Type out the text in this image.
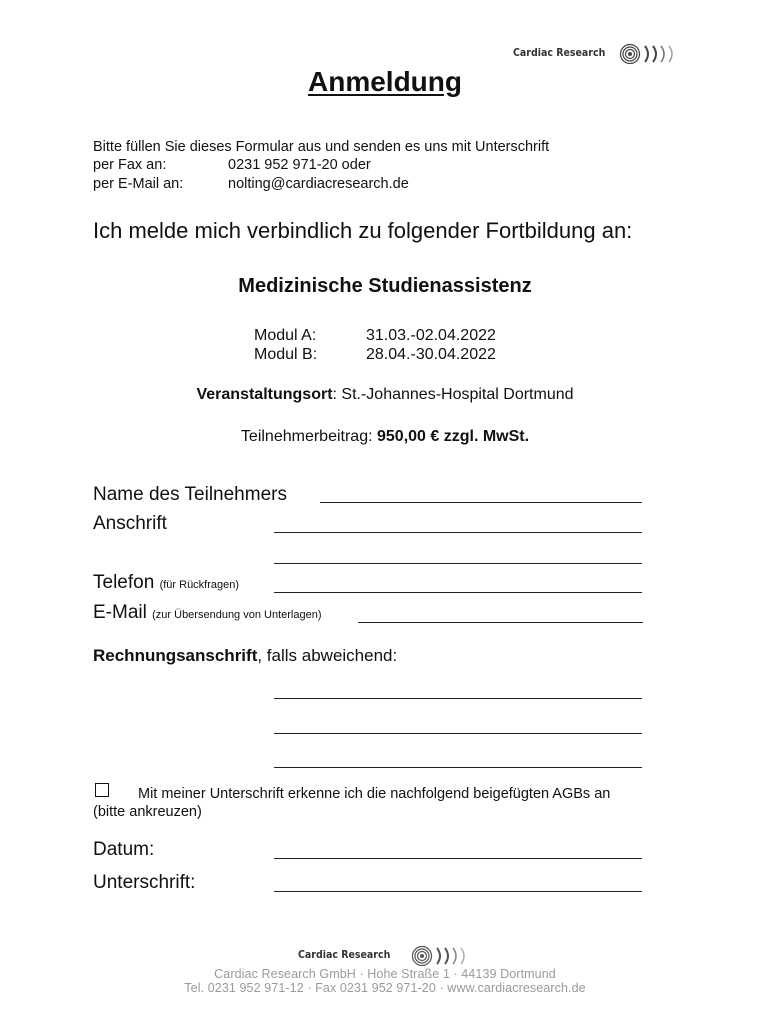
Cardiac Research
Anmeldung
Bitte füllen Sie dieses Formular aus und senden es uns mit Unterschrift
per Fax an:	0231 952 971-20 oder
per E-Mail an:	nolting@cardiacresearch.de
Ich melde mich verbindlich zu folgender Fortbildung an:
Medizinische Studienassistenz
Modul A:	31.03.-02.04.2022
Modul B:	28.04.-30.04.2022
Veranstaltungsort: St.-Johannes-Hospital Dortmund
Teilnehmerbeitrag: 950,00 € zzgl. MwSt.
Name des Teilnehmers
Anschrift
Telefon (für Rückfragen)
E-Mail (zur Übersendung von Unterlagen)
Rechnungsanschrift, falls abweichend:
Mit meiner Unterschrift erkenne ich die nachfolgend beigefügten AGBs an
(bitte ankreuzen)
Datum:
Unterschrift:
Cardiac Research
Cardiac Research GmbH · Hohe Straße 1 · 44139 Dortmund
Tel. 0231 952 971-12 · Fax 0231 952 971-20 · www.cardiacresearch.de
